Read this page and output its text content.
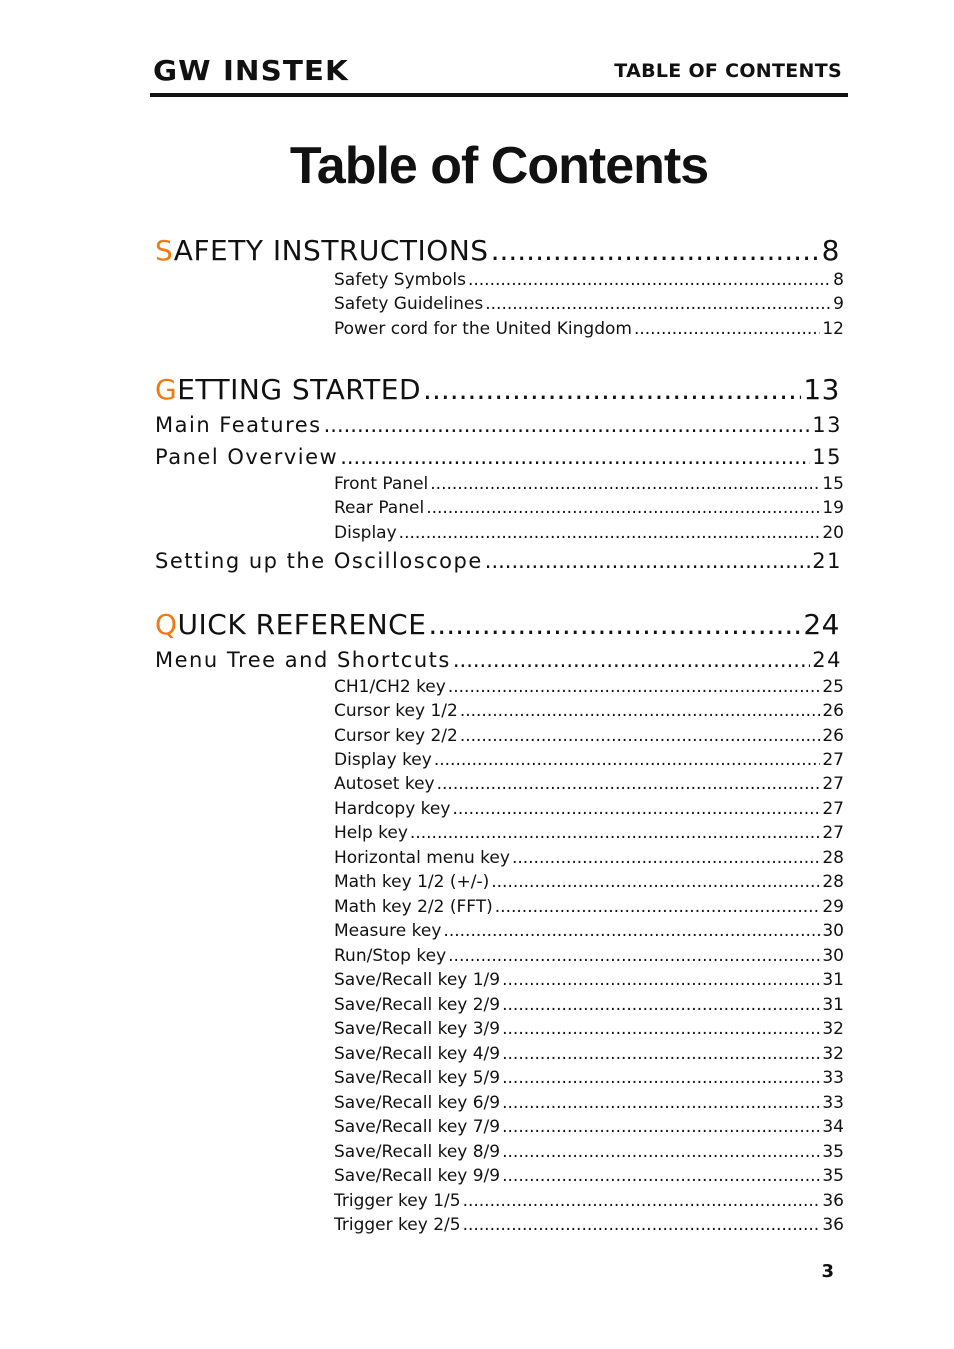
GW INSTEK	TABLE OF CONTENTS
Table of Contents
SAFETY INSTRUCTIONS .....	8
Safety Symbols .....	8
Safety Guidelines .....	9
Power cord for the United Kingdom .....	12
GETTING STARTED .....	13
Main Features .....	13
Panel Overview .....	15
Front Panel .....	15
Rear Panel .....	19
Display .....	20
Setting up the Oscilloscope .....	21
QUICK REFERENCE .....	24
Menu Tree and Shortcuts .....	24
CH1/CH2 key .....	25
Cursor key 1/2 .....	26
Cursor key 2/2 .....	26
Display key .....	27
Autoset key .....	27
Hardcopy key .....	27
Help key .....	27
Horizontal menu key .....	28
Math key 1/2 (+/-) .....	28
Math key 2/2 (FFT) .....	29
Measure key .....	30
Run/Stop key .....	30
Save/Recall key 1/9 .....	31
Save/Recall key 2/9 .....	31
Save/Recall key 3/9 .....	32
Save/Recall key 4/9 .....	32
Save/Recall key 5/9 .....	33
Save/Recall key 6/9 .....	33
Save/Recall key 7/9 .....	34
Save/Recall key 8/9 .....	35
Save/Recall key 9/9 .....	35
Trigger key 1/5 .....	36
Trigger key 2/5 .....	36
3
